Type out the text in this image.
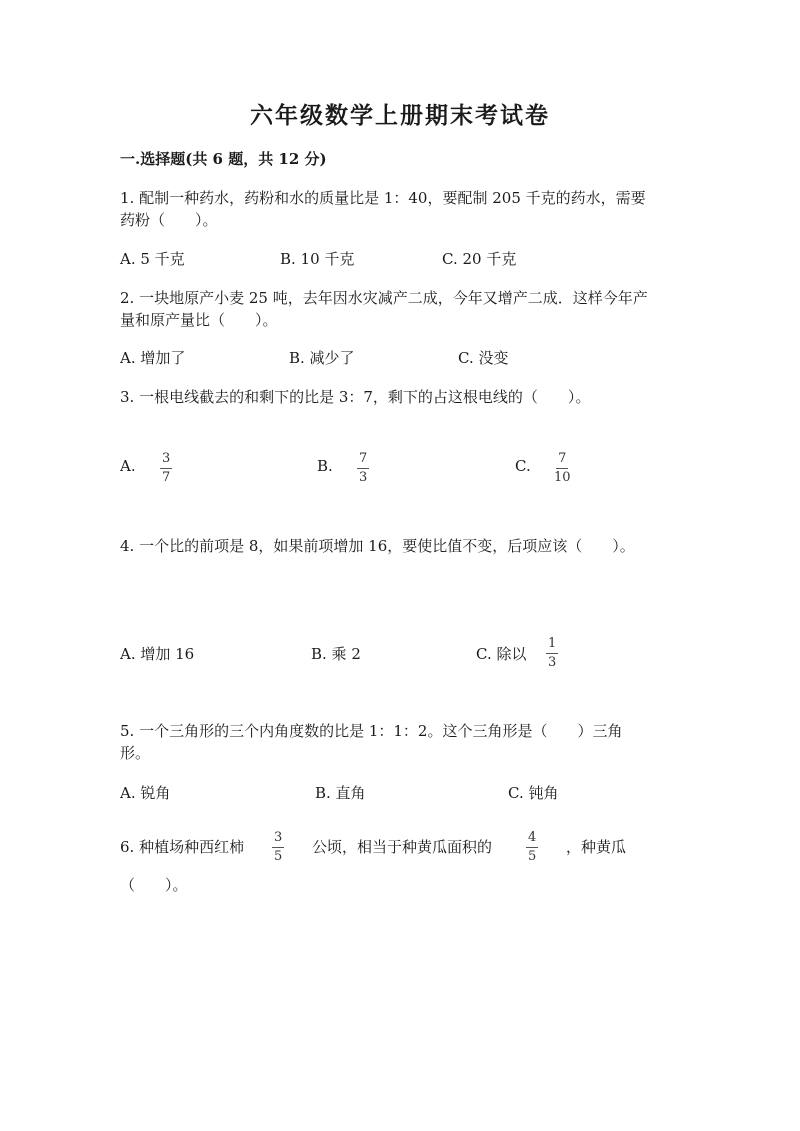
六年级数学上册期末考试卷
一.选择题(共 6 题，共 12 分)
1. 配制一种药水，药粉和水的质量比是 1：40，要配制 205 千克的药水，需要
药粉（　　）。
A. 5 千克	B. 10 千克	C. 20 千克
2. 一块地原产小麦 25 吨，去年因水灾减产二成，今年又增产二成．这样今年产
量和原产量比（　　）。
A. 增加了	B. 减少了	C. 没变
3. 一根电线截去的和剩下的比是 3：7，剩下的占这根电线的（　　）。
A. $\frac{3}{7}$	B. $\frac{7}{3}$	C. $\frac{7}{10}$
4. 一个比的前项是 8，如果前项增加 16，要使比值不变，后项应该（　　）。
A. 增加 16	B. 乘 2	C. 除以 $\frac{1}{3}$
5. 一个三角形的三个内角度数的比是 1：1：2。这个三角形是（　　）三角
形。
A. 锐角	B. 直角	C. 钝角
6. 种植场种西红柿 $\frac{3}{5}$ 公顷，相当于种黄瓜面积的	$\frac{4}{5}$ ，种黄瓜
（　　）。
